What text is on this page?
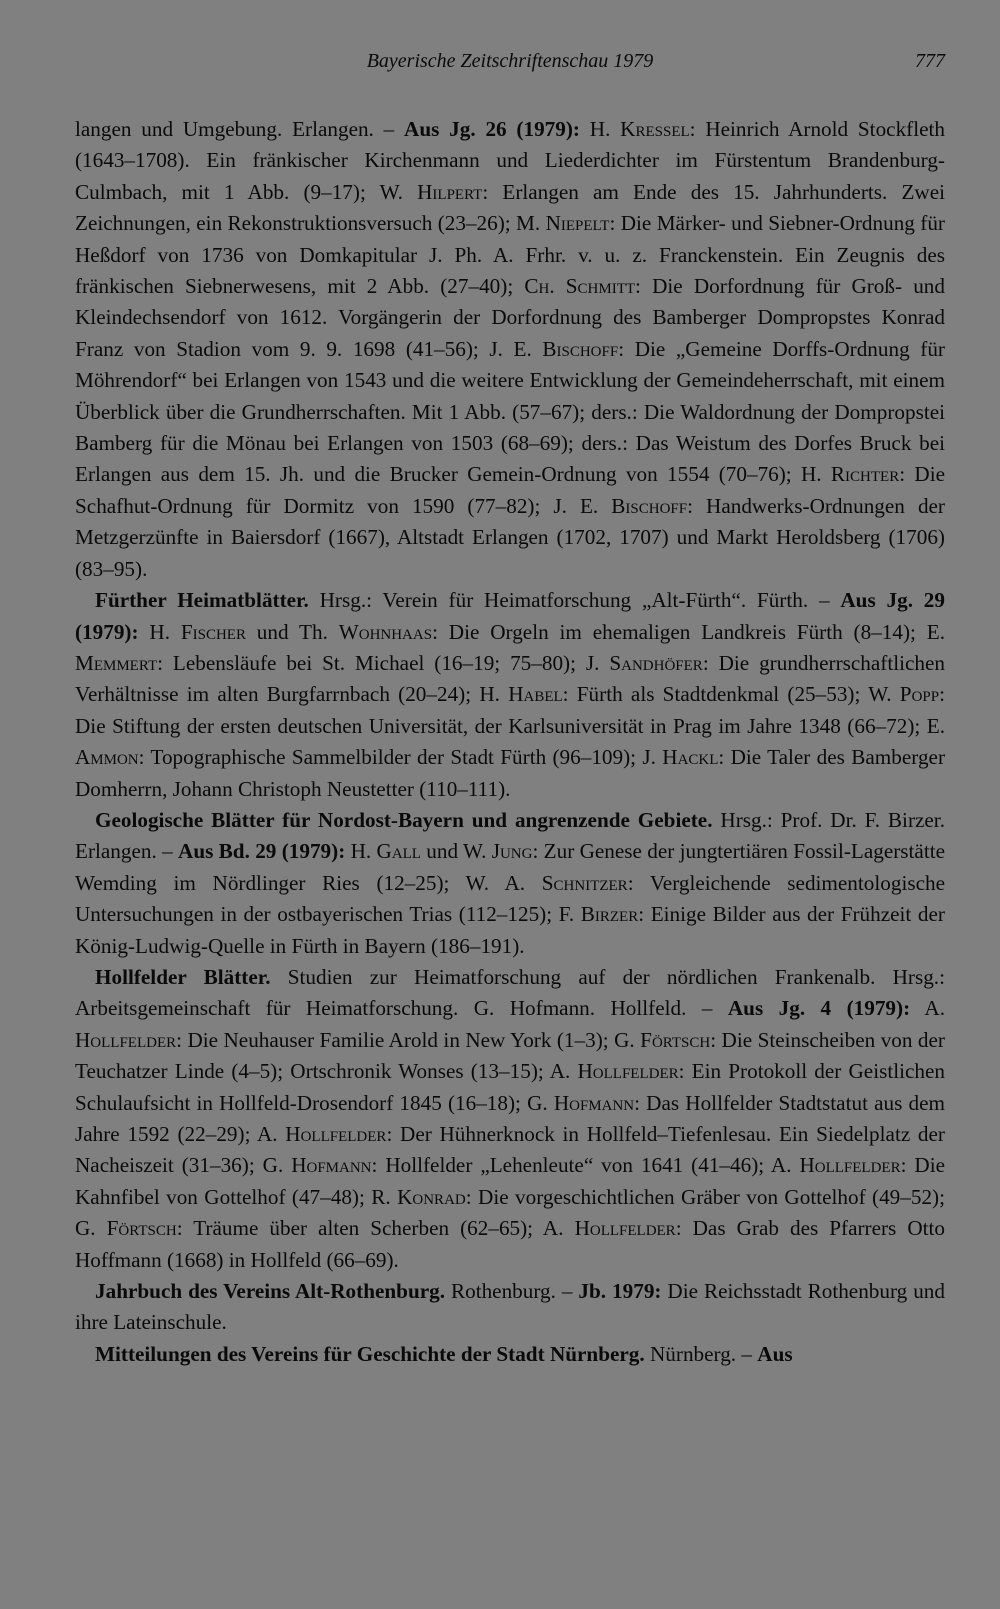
Bayerische Zeitschriftenschau 1979	777

langen und Umgebung. Erlangen. – Aus Jg. 26 (1979): H. Kressel: Heinrich Arnold Stockfleth (1643–1708). Ein fränkischer Kirchenmann und Liederdichter im Fürstentum Brandenburg-Culmbach, mit 1 Abb. (9–17); W. Hilpert: Erlangen am Ende des 15. Jahrhunderts. Zwei Zeichnungen, ein Rekonstruktionsversuch (23–26); M. Niepelt: Die Märker- und Siebner-Ordnung für Heßdorf von 1736 von Domkapitular J. Ph. A. Frhr. v. u. z. Franckenstein. Ein Zeugnis des fränkischen Siebnerwesens, mit 2 Abb. (27–40); Ch. Schmitt: Die Dorfordnung für Groß- und Kleindechsendorf von 1612. Vorgängerin der Dorfordnung des Bamberger Dompropstes Konrad Franz von Stadion vom 9. 9. 1698 (41–56); J. E. Bischoff: Die „Gemeine Dorffs-Ordnung für Möhrendorf“ bei Erlangen von 1543 und die weitere Entwicklung der Gemeindeherrschaft, mit einem Überblick über die Grundherrschaften. Mit 1 Abb. (57–67); ders.: Die Waldordnung der Dompropstei Bamberg für die Mönau bei Erlangen von 1503 (68–69); ders.: Das Weistum des Dorfes Bruck bei Erlangen aus dem 15. Jh. und die Brucker Gemein-Ordnung von 1554 (70–76); H. Richter: Die Schafhut-Ordnung für Dormitz von 1590 (77–82); J. E. Bischoff: Handwerks-Ordnungen der Metzgerzünfte in Baiersdorf (1667), Altstadt Erlangen (1702, 1707) und Markt Heroldsberg (1706) (83–95).

Fürther Heimatblätter. Hrsg.: Verein für Heimatforschung „Alt-Fürth“. Fürth. – Aus Jg. 29 (1979): H. Fischer und Th. Wohnhaas: Die Orgeln im ehemaligen Landkreis Fürth (8–14); E. Memmert: Lebensläufe bei St. Michael (16–19; 75–80); J. Sandhöfer: Die grundherrschaftlichen Verhältnisse im alten Burgfarrnbach (20–24); H. Habel: Fürth als Stadtdenkmal (25–53); W. Popp: Die Stiftung der ersten deutschen Universität, der Karlsuniversität in Prag im Jahre 1348 (66–72); E. Ammon: Topographische Sammelbilder der Stadt Fürth (96–109); J. Hackl: Die Taler des Bamberger Domherrn, Johann Christoph Neustetter (110–111).

Geologische Blätter für Nordost-Bayern und angrenzende Gebiete. Hrsg.: Prof. Dr. F. Birzer. Erlangen. – Aus Bd. 29 (1979): H. Gall und W. Jung: Zur Genese der jungtertiären Fossil-Lagerstätte Wemding im Nördlinger Ries (12–25); W. A. Schnitzer: Vergleichende sedimentologische Untersuchungen in der ostbayerischen Trias (112–125); F. Birzer: Einige Bilder aus der Frühzeit der König-Ludwig-Quelle in Fürth in Bayern (186–191).

Hollfelder Blätter. Studien zur Heimatforschung auf der nördlichen Frankenalb. Hrsg.: Arbeitsgemeinschaft für Heimatforschung. G. Hofmann. Hollfeld. – Aus Jg. 4 (1979): A. Hollfelder: Die Neuhauser Familie Arold in New York (1–3); G. Förtsch: Die Steinscheiben von der Teuchatzer Linde (4–5); Ortschronik Wonses (13–15); A. Hollfelder: Ein Protokoll der Geistlichen Schulaufsicht in Hollfeld-Drosendorf 1845 (16–18); G. Hofmann: Das Hollfelder Stadtstatut aus dem Jahre 1592 (22–29); A. Hollfelder: Der Hühnerknock in Hollfeld–Tiefenlesau. Ein Siedelplatz der Nacheiszeit (31–36); G. Hofmann: Hollfelder „Lehenleute“ von 1641 (41–46); A. Hollfelder: Die Kahnfibel von Gottelhof (47–48); R. Konrad: Die vorgeschichtlichen Gräber von Gottelhof (49–52); G. Förtsch: Träume über alten Scherben (62–65); A. Hollfelder: Das Grab des Pfarrers Otto Hoffmann (1668) in Hollfeld (66–69).

Jahrbuch des Vereins Alt-Rothenburg. Rothenburg. – Jb. 1979: Die Reichsstadt Rothenburg und ihre Lateinschule.

Mitteilungen des Vereins für Geschichte der Stadt Nürnberg. Nürnberg. – Aus
